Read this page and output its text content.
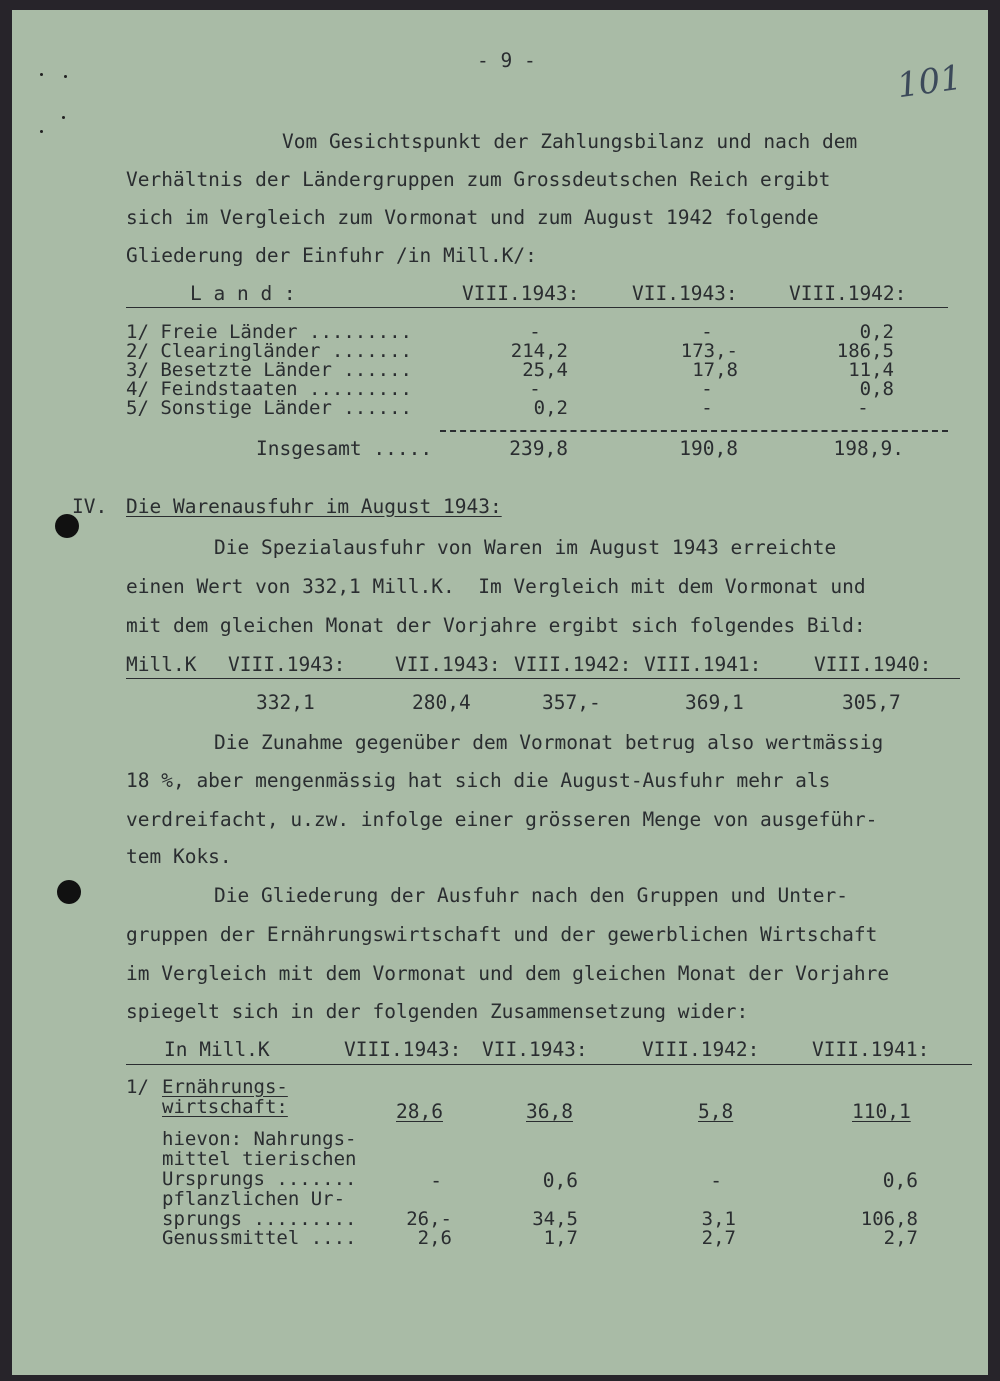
- 9 -	101
Vom Gesichtspunkt der Zahlungsbilanz und nach dem
Verhältnis der Ländergruppen zum Grossdeutschen Reich ergibt
sich im Vergleich zum Vormonat und zum August 1942 folgende
Gliederung der Einfuhr /in Mill.K/:
L a n d :	VIII.1943:	VII.1943:	VIII.1942:
1/ Freie Länder .........	-	-	0,2
2/ Clearingländer .......	214,2	173,-	186,5
3/ Besetzte Länder ......	25,4	17,8	11,4
4/ Feindstaaten .........	-	-	0,8
5/ Sonstige Länder ......	0,2	-	-
Insgesamt .....	239,8	190,8	198,9.
IV. Die Warenausfuhr im August 1943:
Die Spezialausfuhr von Waren im August 1943 erreichte
einen Wert von 332,1 Mill.K.  Im Vergleich mit dem Vormonat und
mit dem gleichen Monat der Vorjahre ergibt sich folgendes Bild:
Mill.K VIII.1943:	VII.1943: VIII.1942: VIII.1941:	VIII.1940:
332,1	280,4	357,-	369,1	305,7
Die Zunahme gegenüber dem Vormonat betrug also wertmässig
18 %, aber mengenmässig hat sich die August-Ausfuhr mehr als
verdreifacht, u.zw. infolge einer grösseren Menge von ausgeführ-
tem Koks.
Die Gliederung der Ausfuhr nach den Gruppen und Unter-
gruppen der Ernährungswirtschaft und der gewerblichen Wirtschaft
im Vergleich mit dem Vormonat und dem gleichen Monat der Vorjahre
spiegelt sich in der folgenden Zusammensetzung wider:
In Mill.K	VIII.1943: VII.1943:	VIII.1942:	VIII.1941:
1/ Ernährungs-
wirtschaft:	28,6	36,8	5,8	110,1
hievon: Nahrungs-
mittel tierischen
Ursprungs .......	-	0,6	-	0,6
pflanzlichen Ur-
sprungs .........	26,-	34,5	3,1	106,8
Genussmittel ....	2,6	1,7	2,7	2,7
